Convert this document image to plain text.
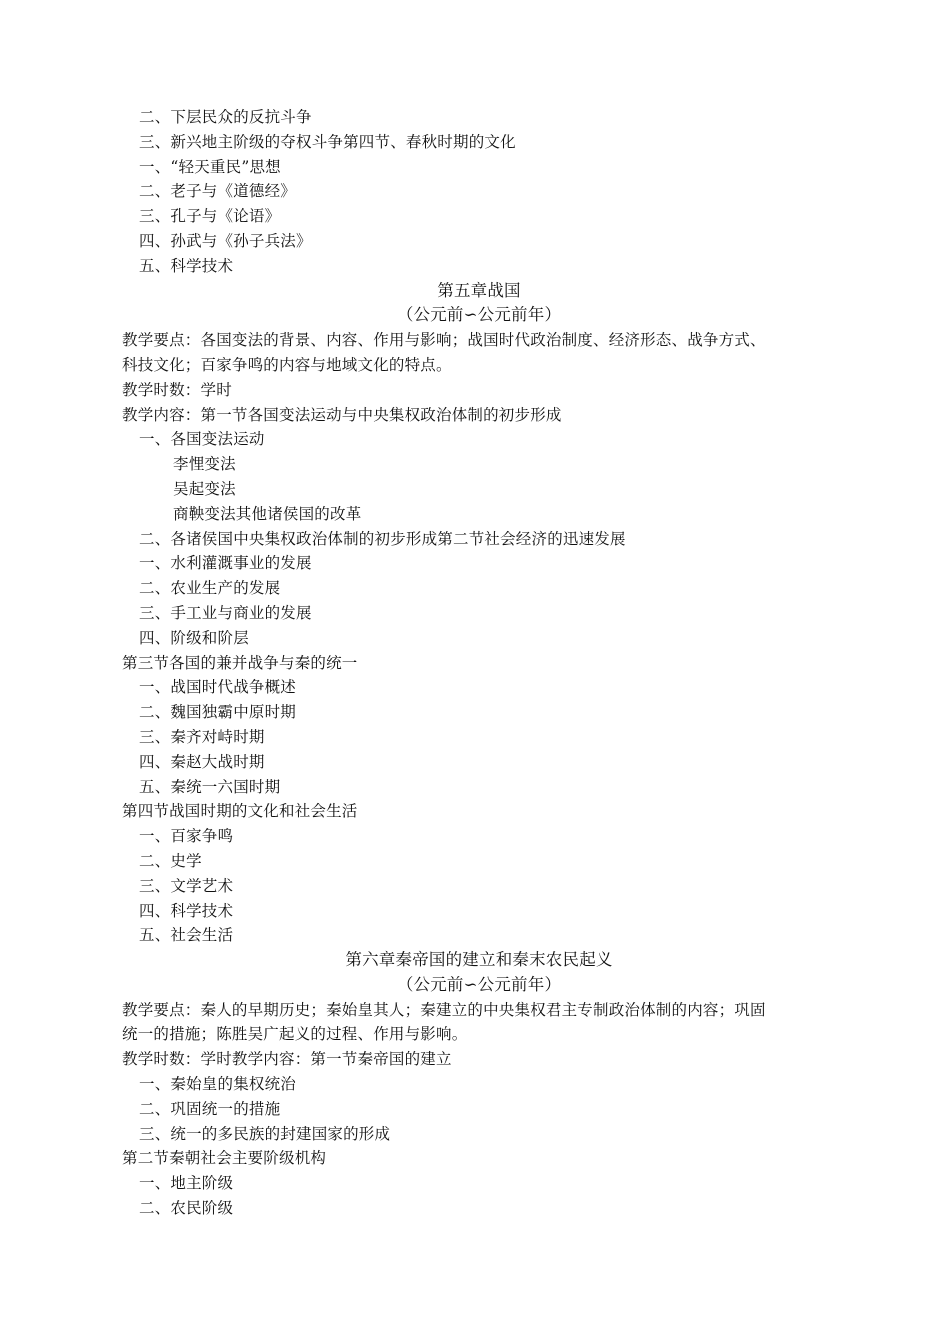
二、下层民众的反抗斗争
三、新兴地主阶级的夺权斗争第四节、春秋时期的文化
一、“轻天重民”思想
二、老子与《道德经》
三、孔子与《论语》
四、孙武与《孙子兵法》
五、科学技术
第五章战国
（公元前∽公元前年）
教学要点：各国变法的背景、内容、作用与影响；战国时代政治制度、经济形态、战争方式、
科技文化；百家争鸣的内容与地域文化的特点。
教学时数：学时
教学内容：第一节各国变法运动与中央集权政治体制的初步形成
一、各国变法运动
李悝变法
吴起变法
商鞅变法其他诸侯国的改革
二、各诸侯国中央集权政治体制的初步形成第二节社会经济的迅速发展
一、水利灌溉事业的发展
二、农业生产的发展
三、手工业与商业的发展
四、阶级和阶层
第三节各国的兼并战争与秦的统一
一、战国时代战争概述
二、魏国独霸中原时期
三、秦齐对峙时期
四、秦赵大战时期
五、秦统一六国时期
第四节战国时期的文化和社会生活
一、百家争鸣
二、史学
三、文学艺术
四、科学技术
五、社会生活
第六章秦帝国的建立和秦末农民起义
（公元前∽公元前年）
教学要点：秦人的早期历史；秦始皇其人；秦建立的中央集权君主专制政治体制的内容；巩固
统一的措施；陈胜吴广起义的过程、作用与影响。
教学时数：学时教学内容：第一节秦帝国的建立
一、秦始皇的集权统治
二、巩固统一的措施
三、统一的多民族的封建国家的形成
第二节秦朝社会主要阶级机构
一、地主阶级
二、农民阶级
